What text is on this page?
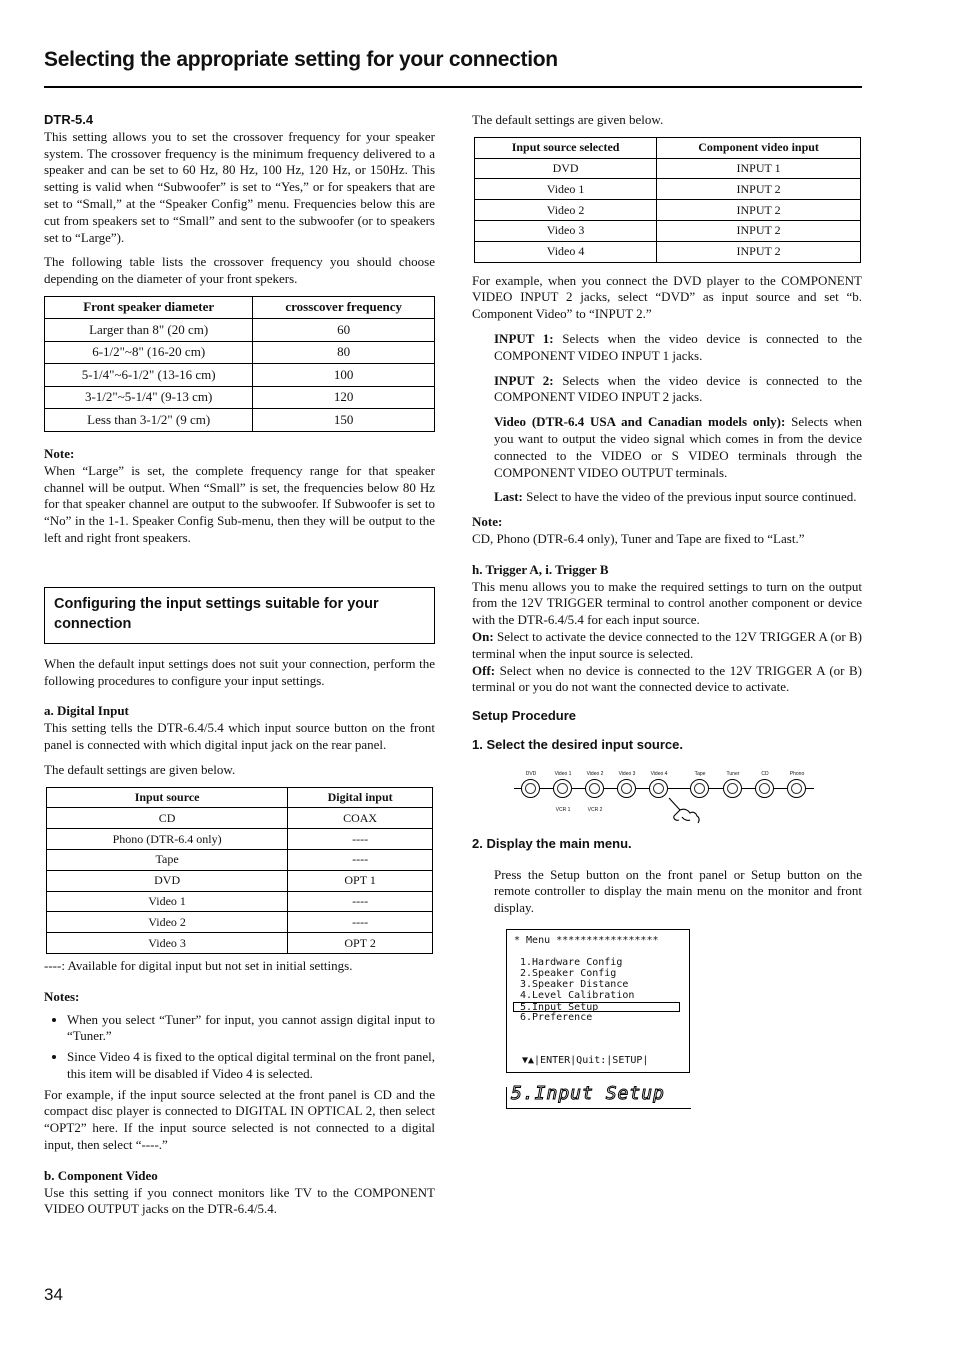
Selecting the appropriate setting for your connection
DTR-5.4

This setting allows you to set the crossover frequency for your speaker system. The crossover frequency is the minimum frequency delivered to a speaker and can be set to 60 Hz, 80 Hz, 100 Hz, 120 Hz, or 150Hz. This setting is valid when “Subwoofer” is set to “Yes,” or for speakers that are set to “Small,” at the “Speaker Config” menu. Frequencies below this are cut from speakers set to “Small” and sent to the subwoofer (or to speakers set to “Large”).

The following table lists the crossover frequency you should choose depending on the diameter of your front spekers.

Front speaker diameter	crosscover frequency
Larger than 8" (20 cm)	60
6-1/2"~8" (16-20 cm)	80
5-1/4"~6-1/2" (13-16 cm)	100
3-1/2"~5-1/4" (9-13 cm)	120
Less than 3-1/2" (9 cm)	150
Note:

When “Large” is set, the complete frequency range for that speaker channel will be output. When “Small” is set, the frequencies below 80 Hz for that speaker channel are output to the subwoofer. If Subwoofer is set to “No” in the 1-1. Speaker Config Sub-menu, then they will be output to the left and right front speakers.

Configuring the input settings suitable for your connection

When the default input settings does not suit your connection, perform the following procedures to configure your input settings.

a. Digital Input

This setting tells the DTR-6.4/5.4 which input source button on the front panel is connected with which digital input jack on the rear panel.

The default settings are given below.

Input source	Digital input
CD	COAX
Phono (DTR-6.4 only)	----
Tape	----
DVD	OPT 1
Video 1	----
Video 2	----
Video 3	OPT 2

----: Available for digital input but not set in initial settings.

Notes:
• When you select “Tuner” for input, you cannot assign digital input to “Tuner.”
• Since Video 4 is fixed to the optical digital terminal on the front panel, this item will be disabled if Video 4 is selected.

For example, if the input source selected at the front panel is CD and the compact disc player is connected to DIGITAL IN OPTICAL 2, then select “OPT2” here. If the input source selected is not connected to a digital input, then select “----.”

b. Component Video

Use this setting if you connect monitors like TV to the COMPONENT VIDEO OUTPUT jacks on the DTR-6.4/5.4.

The default settings are given below.

Input source selected	Component video input
DVD	INPUT 1
Video 1	INPUT 2
Video 2	INPUT 2
Video 3	INPUT 2
Video 4	INPUT 2

For example, when you connect the DVD player to the COMPONENT VIDEO INPUT 2 jacks, select “DVD” as input source and set “b. Component Video” to “INPUT 2.”

INPUT 1: Selects when the video device is connected to the COMPONENT VIDEO INPUT 1 jacks.

INPUT 2: Selects when the video device is connected to the COMPONENT VIDEO INPUT 2 jacks.

Video (DTR-6.4 USA and Canadian models only): Selects when you want to output the video signal which comes in from the device connected to the VIDEO or S VIDEO terminals through the COMPONENT VIDEO OUTPUT terminals.

Last: Select to have the video of the previous input source continued.

Note:

CD, Phono (DTR-6.4 only), Tuner and Tape are fixed to “Last.”

h. Trigger A, i. Trigger B

This menu allows you to make the required settings to turn on the output from the 12V TRIGGER terminal to control another component or device with the DTR-6.4/5.4 for each input source.

On: Select to activate the device connected to the 12V TRIGGER A (or B) terminal when the input source is selected.

Off: Select when no device is connected to the 12V TRIGGER A (or B) terminal or you do not want the connected device to activate.

Setup Procedure
1. Select the desired input source.
DVD	Video 1	Video 2	Video 3	Video 4	Tape	Tuner	CD	Phono
VCR 1	VCR 2
2. Display the main menu.

Press the Setup button on the front panel or Setup button on the remote controller to display the main menu on the monitor and front display.

* Menu *****************
1.Hardware Config
2.Speaker Config
3.Speaker Distance
4.Level Calibration
5.Input Setup
6.Preference
▼▲|ENTER|Quit:|SETUP|
5.Input Setup
34
